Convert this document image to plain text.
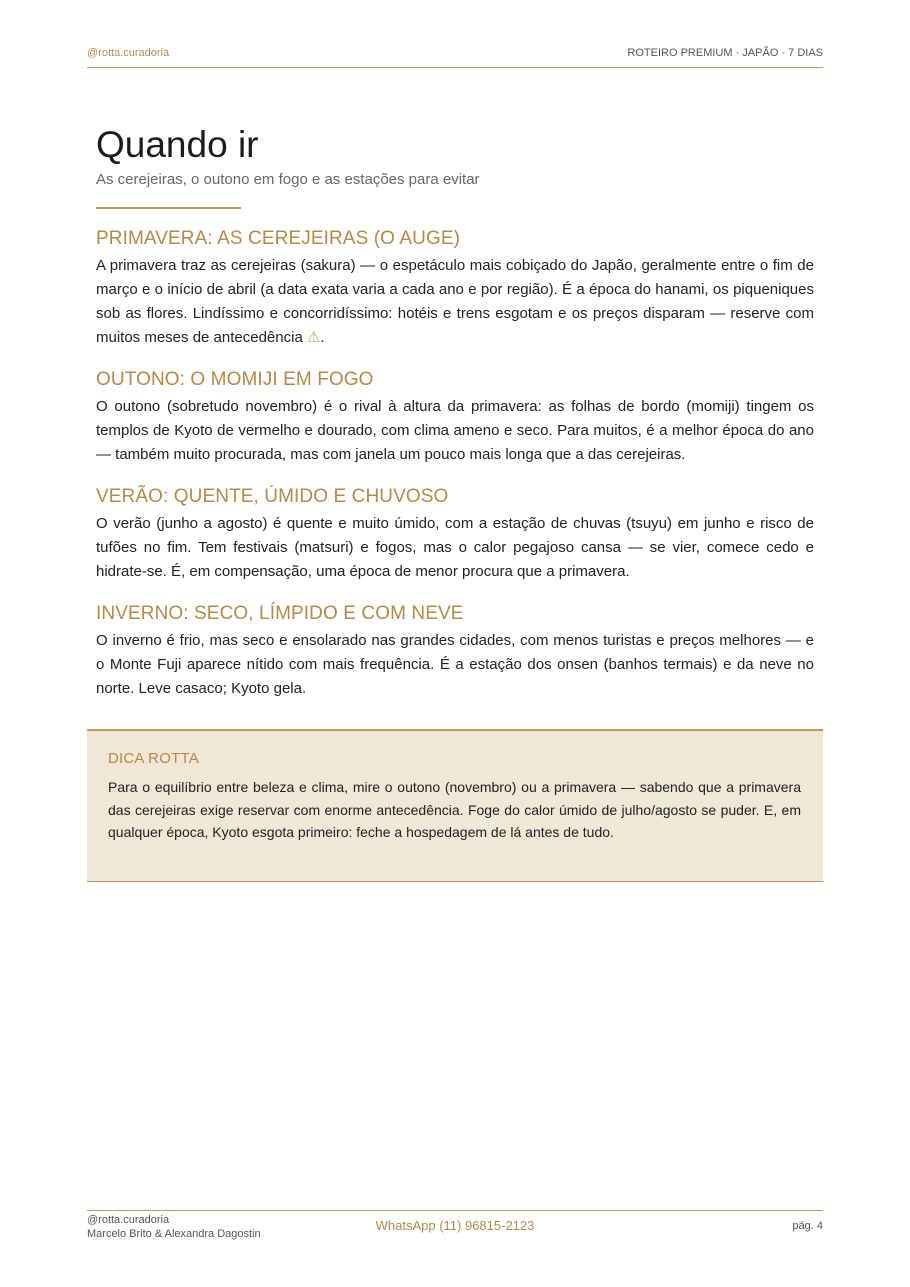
@rotta.curadoria	ROTEIRO PREMIUM · JAPÃO · 7 DIAS
Quando ir
As cerejeiras, o outono em fogo e as estações para evitar
PRIMAVERA: AS CEREJEIRAS (O AUGE)

A primavera traz as cerejeiras (sakura) — o espetáculo mais cobiçado do Japão, geralmente entre o fim de março e o início de abril (a data exata varia a cada ano e por região). É a época do hanami, os piqueniques sob as flores. Lindíssimo e concorridíssimo: hotéis e trens esgotam e os preços disparam — reserve com muitos meses de antecedência ⚠.

OUTONO: O MOMIJI EM FOGO

O outono (sobretudo novembro) é o rival à altura da primavera: as folhas de bordo (momiji) tingem os templos de Kyoto de vermelho e dourado, com clima ameno e seco. Para muitos, é a melhor época do ano — também muito procurada, mas com janela um pouco mais longa que a das cerejeiras.

VERÃO: QUENTE, ÚMIDO E CHUVOSO

O verão (junho a agosto) é quente e muito úmido, com a estação de chuvas (tsuyu) em junho e risco de tufões no fim. Tem festivais (matsuri) e fogos, mas o calor pegajoso cansa — se vier, comece cedo e hidrate-se. É, em compensação, uma época de menor procura que a primavera.

INVERNO: SECO, LÍMPIDO E COM NEVE

O inverno é frio, mas seco e ensolarado nas grandes cidades, com menos turistas e preços melhores — e o Monte Fuji aparece nítido com mais frequência. É a estação dos onsen (banhos termais) e da neve no norte. Leve casaco; Kyoto gela.

DICA ROTTA

Para o equilíbrio entre beleza e clima, mire o outono (novembro) ou a primavera — sabendo que a primavera das cerejeiras exige reservar com enorme antecedência. Foge do calor úmido de julho/agosto se puder. E, em qualquer época, Kyoto esgota primeiro: feche a hospedagem de lá antes de tudo.

@rotta.curadoria
Marcelo Brito & Alexandra Dagostin
WhatsApp (11) 96815-2123	pág. 4
